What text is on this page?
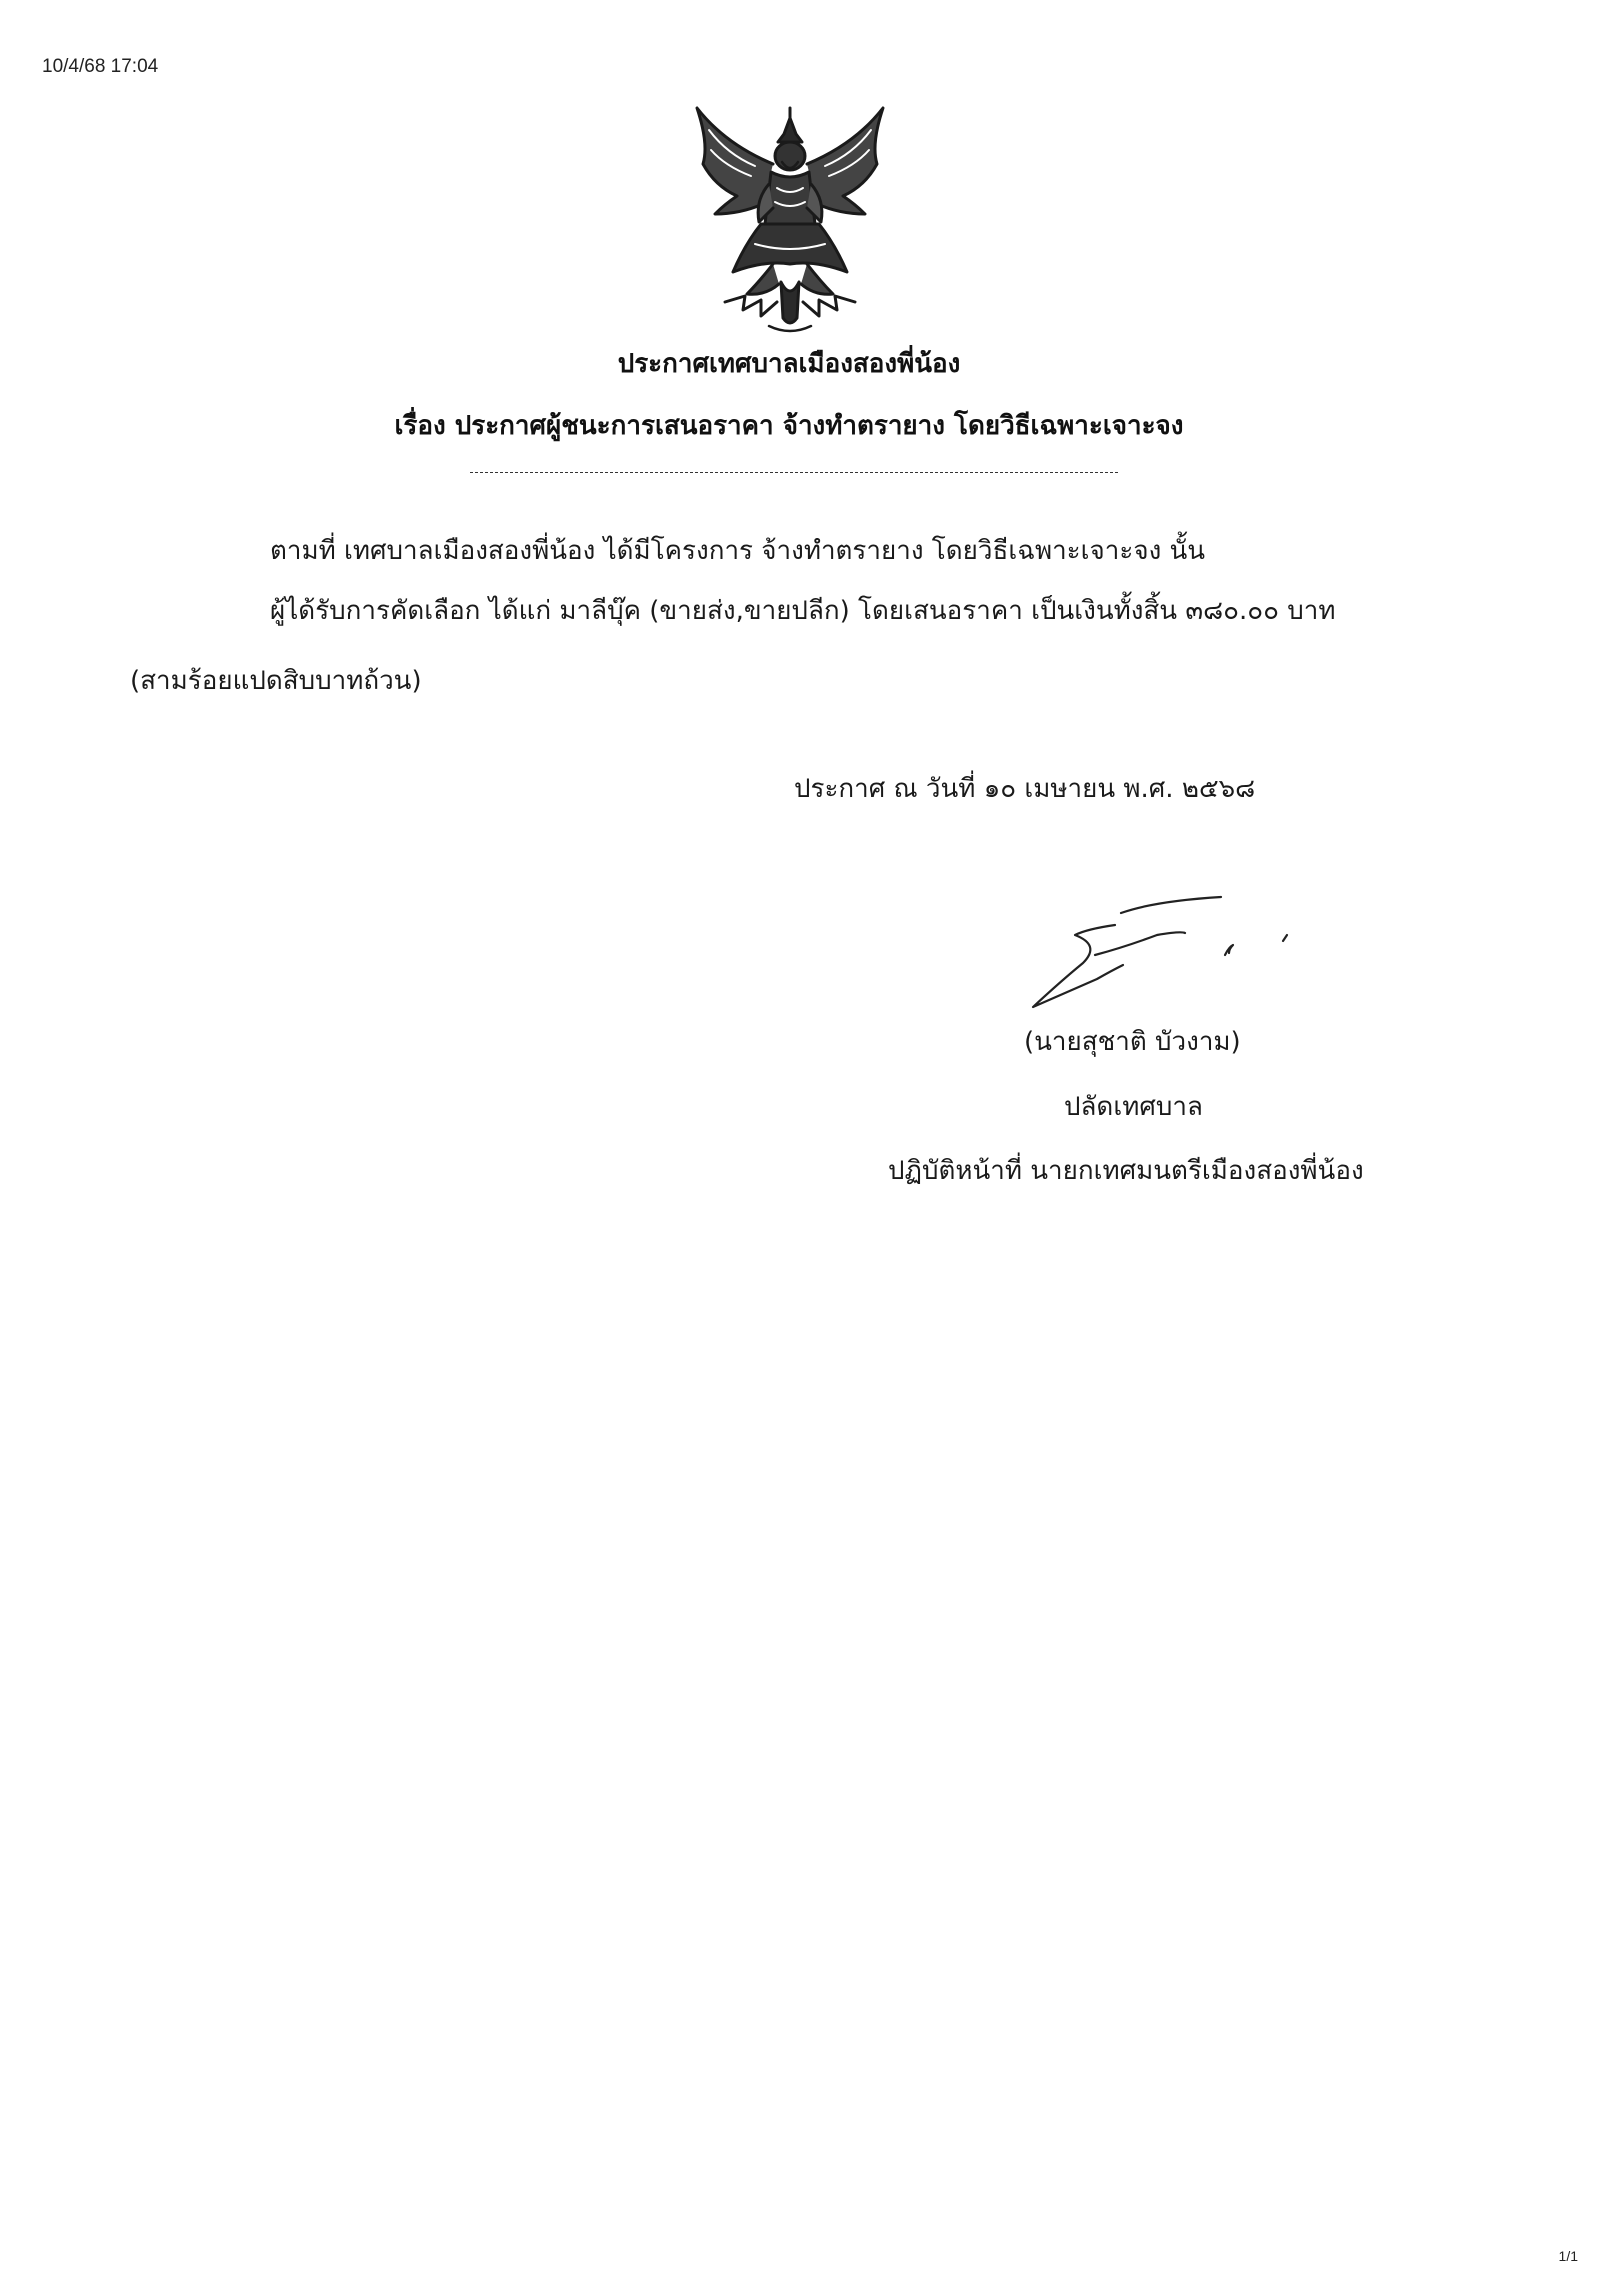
10/4/68 17:04
ประกาศเทศบาลเมืองสองพี่น้อง
เรื่อง ประกาศผู้ชนะการเสนอราคา จ้างทำตรายาง โดยวิธีเฉพาะเจาะจง
ตามที่ เทศบาลเมืองสองพี่น้อง ได้มีโครงการ จ้างทำตรายาง โดยวิธีเฉพาะเจาะจง นั้น
ผู้ได้รับการคัดเลือก ได้แก่ มาลีบุ๊ค (ขายส่ง,ขายปลีก) โดยเสนอราคา เป็นเงินทั้งสิ้น ๓๘๐.๐๐ บาท
(สามร้อยแปดสิบบาทถ้วน)
ประกาศ ณ วันที่ ๑๐ เมษายน พ.ศ. ๒๕๖๘
(นายสุชาติ บัวงาม)
ปลัดเทศบาล
ปฏิบัติหน้าที่ นายกเทศมนตรีเมืองสองพี่น้อง
1/1
